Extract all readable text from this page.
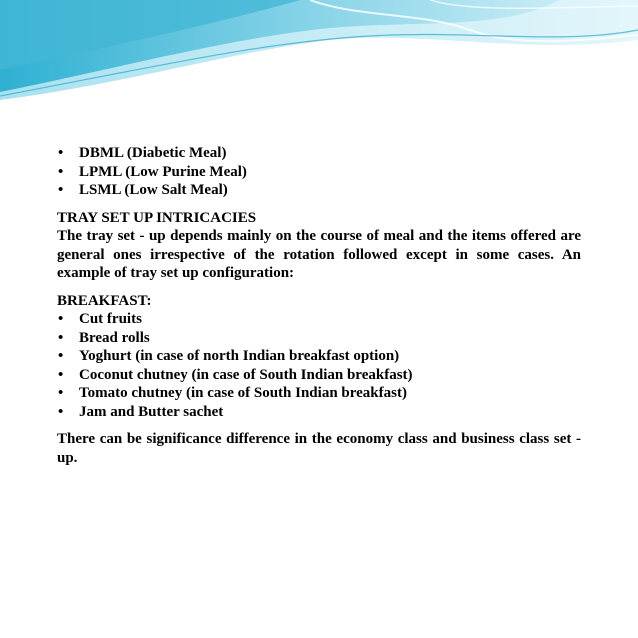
• DBML (Diabetic Meal)
• LPML (Low Purine Meal)
• LSML (Low Salt Meal)

TRAY SET UP INTRICACIES

The tray set - up depends mainly on the course of meal and the items offered are general ones irrespective of the rotation followed except in some cases. An example of tray set up configuration:

BREAKFAST:

• Cut fruits
• Bread rolls
• Yoghurt (in case of north Indian breakfast option)
• Coconut chutney (in case of South Indian breakfast)
• Tomato chutney (in case of South Indian breakfast)
• Jam and Butter sachet

There can be significance difference in the economy class and business class set - up.
